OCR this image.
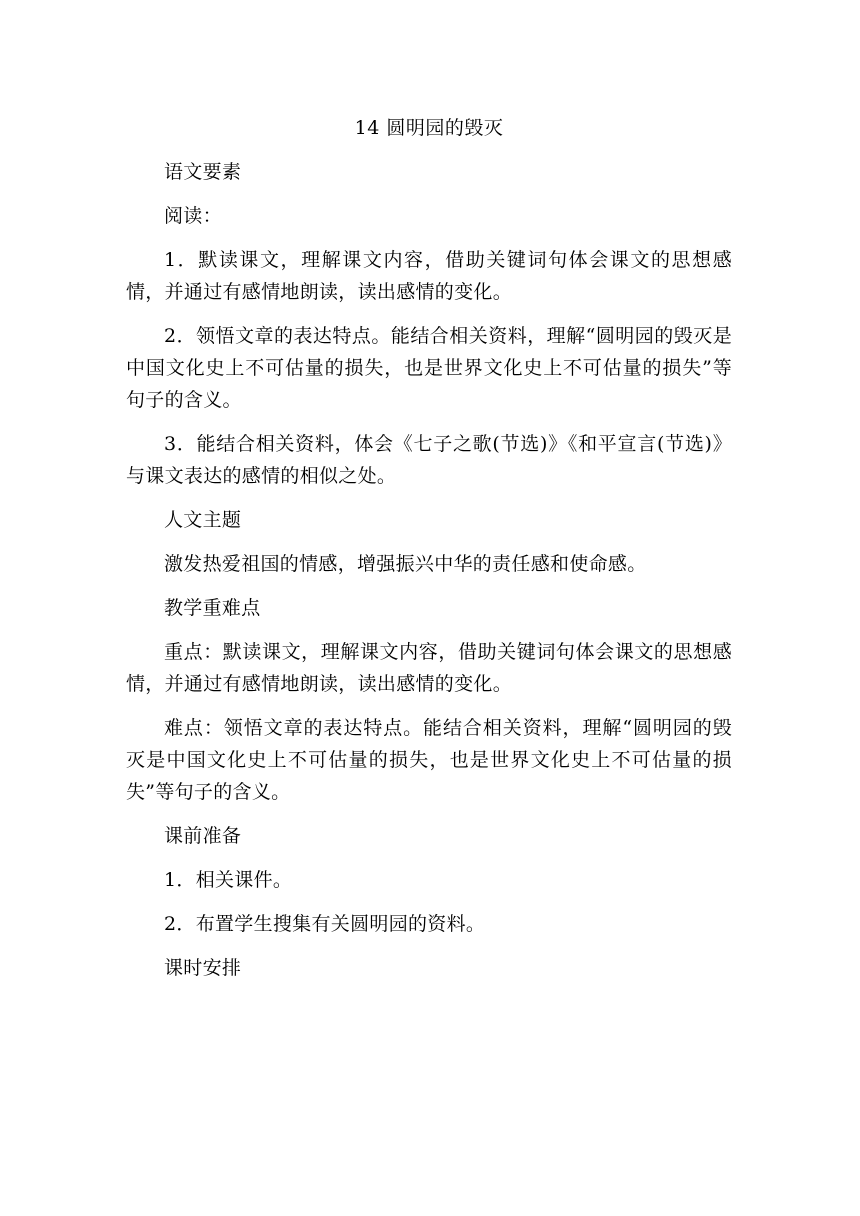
14 圆明园的毁灭

语文要素

阅读：

1．默读课文，理解课文内容，借助关键词句体会课文的思想感情，并通过有感情地朗读，读出感情的变化。

2．领悟文章的表达特点。能结合相关资料，理解“圆明园的毁灭是中国文化史上不可估量的损失，也是世界文化史上不可估量的损失”等句子的含义。

3．能结合相关资料，体会《七子之歌(节选)》《和平宣言(节选)》与课文表达的感情的相似之处。

人文主题

激发热爱祖国的情感，增强振兴中华的责任感和使命感。

教学重难点

重点：默读课文，理解课文内容，借助关键词句体会课文的思想感情，并通过有感情地朗读，读出感情的变化。

难点：领悟文章的表达特点。能结合相关资料，理解“圆明园的毁灭是中国文化史上不可估量的损失，也是世界文化史上不可估量的损失”等句子的含义。

课前准备

1．相关课件。

2．布置学生搜集有关圆明园的资料。

课时安排
